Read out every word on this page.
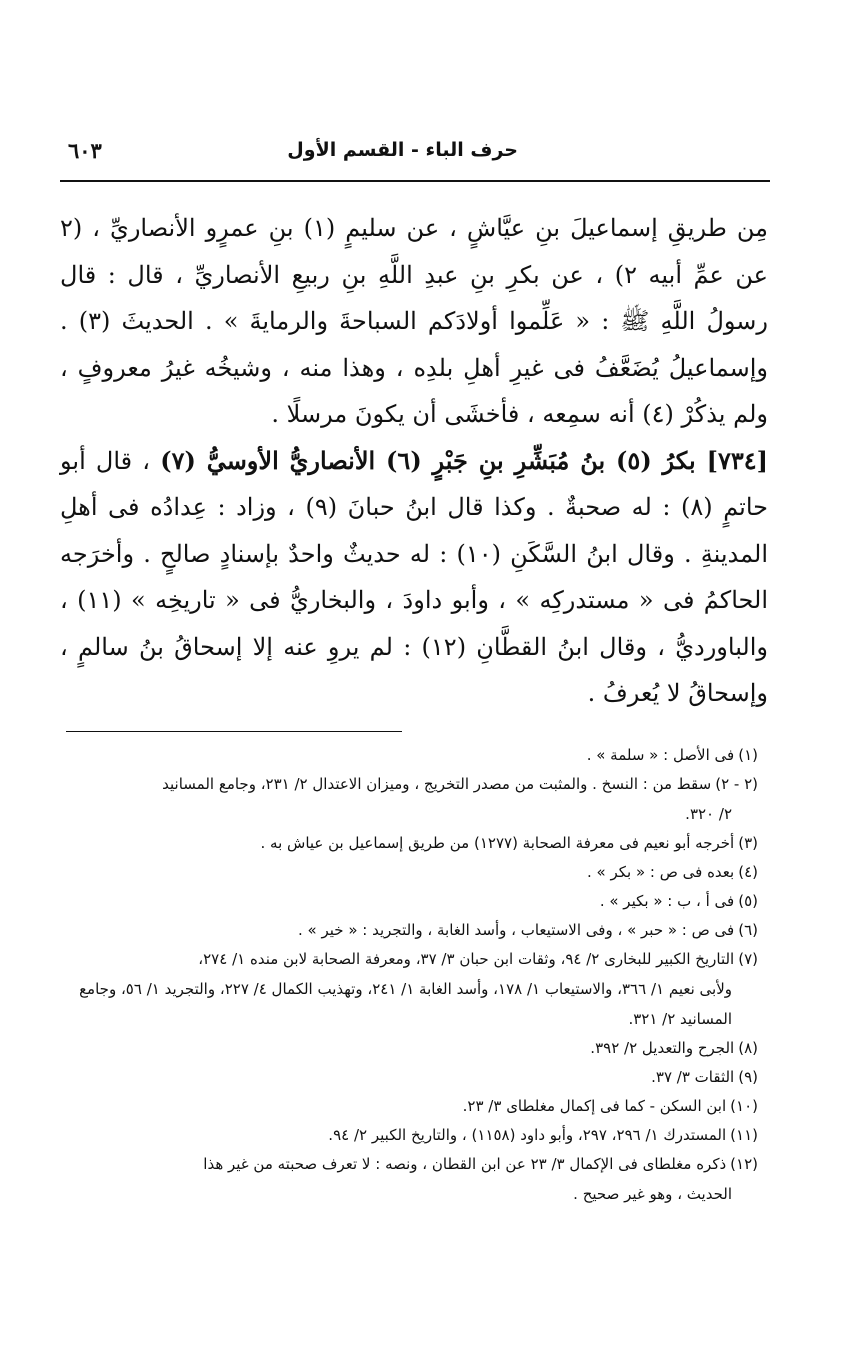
حرف الباء - القسم الأول
٦٠٣

مِن طريقِ إسماعيلَ بنِ عيَّاشٍ ، عن سليمٍ (١) بنِ عمرٍو الأنصاريِّ ، (٢ عن عمِّ أبيه ٢) ، عن بكرِ بنِ عبدِ اللَّهِ بنِ ربيعِ الأنصاريِّ ، قال : قال رسولُ اللَّهِ ﷺ : « عَلِّموا أولادَكم السباحةَ والرمايةَ » . الحديثَ (٣) . وإسماعيلُ يُضَعَّفُ فى غيرِ أهلِ بلدِه ، وهذا منه ، وشيخُه غيرُ معروفٍ ، ولم يذكُرْ (٤) أنه سمِعه ، فأخشَى أن يكونَ مرسلًا .

[٧٣٤] بكرُ (٥) بنُ مُبَشِّرِ بنِ جَبْرٍ (٦) الأنصاريُّ الأوسيُّ (٧) ، قال أبو حاتمٍ (٨) : له صحبةٌ . وكذا قال ابنُ حبانَ (٩) ، وزاد : عِدادُه فى أهلِ المدينةِ . وقال ابنُ السَّكَنِ (١٠) : له حديثٌ واحدٌ بإسنادٍ صالحٍ . وأخرَجه الحاكمُ فى « مستدركِه » ، وأبو داودَ ، والبخاريُّ فى « تاريخِه » (١١) ، والباورديُّ ، وقال ابنُ القطَّانِ (١٢) : لم يروِ عنه إلا إسحاقُ بنُ سالمٍ ، وإسحاقُ لا يُعرفُ .

(١)فى الأصل : « سلمة » .
(٢ - ٢)سقط من : النسخ . والمثبت من مصدر التخريج ، وميزان الاعتدال ٢/ ٢٣١، وجامع المسانيد
٢/ ٣٢٠.
(٣)أخرجه أبو نعيم فى معرفة الصحابة (١٢٧٧) من طريق إسماعيل بن عياش به .
(٤)بعده فى ص : « بكر » .
(٥)فى أ ، ب : « بكير » .
(٦)فى ص : « حبر » ، وفى الاستيعاب ، وأسد الغابة ، والتجريد : « خير » .
(٧)التاريخ الكبير للبخارى ٢/ ٩٤، وثقات ابن حبان ٣/ ٣٧، ومعرفة الصحابة لابن منده ١/ ٢٧٤،
ولأبى نعيم ١/ ٣٦٦، والاستيعاب ١/ ١٧٨، وأسد الغابة ١/ ٢٤١، وتهذيب الكمال ٤/ ٢٢٧، والتجريد ١/ ٥٦، وجامع المسانيد ٢/ ٣٢١.
(٨)الجرح والتعديل ٢/ ٣٩٢.
(٩)الثقات ٣/ ٣٧.
(١٠)ابن السكن - كما فى إكمال مغلطاى ٣/ ٢٣.
(١١)المستدرك ١/ ٢٩٦، ٢٩٧، وأبو داود (١١٥٨) ، والتاريخ الكبير ٢/ ٩٤.
(١٢)ذكره مغلطاى فى الإكمال ٣/ ٢٣ عن ابن القطان ، ونصه : لا تعرف صحبته من غير هذا
الحديث ، وهو غير صحيح .
